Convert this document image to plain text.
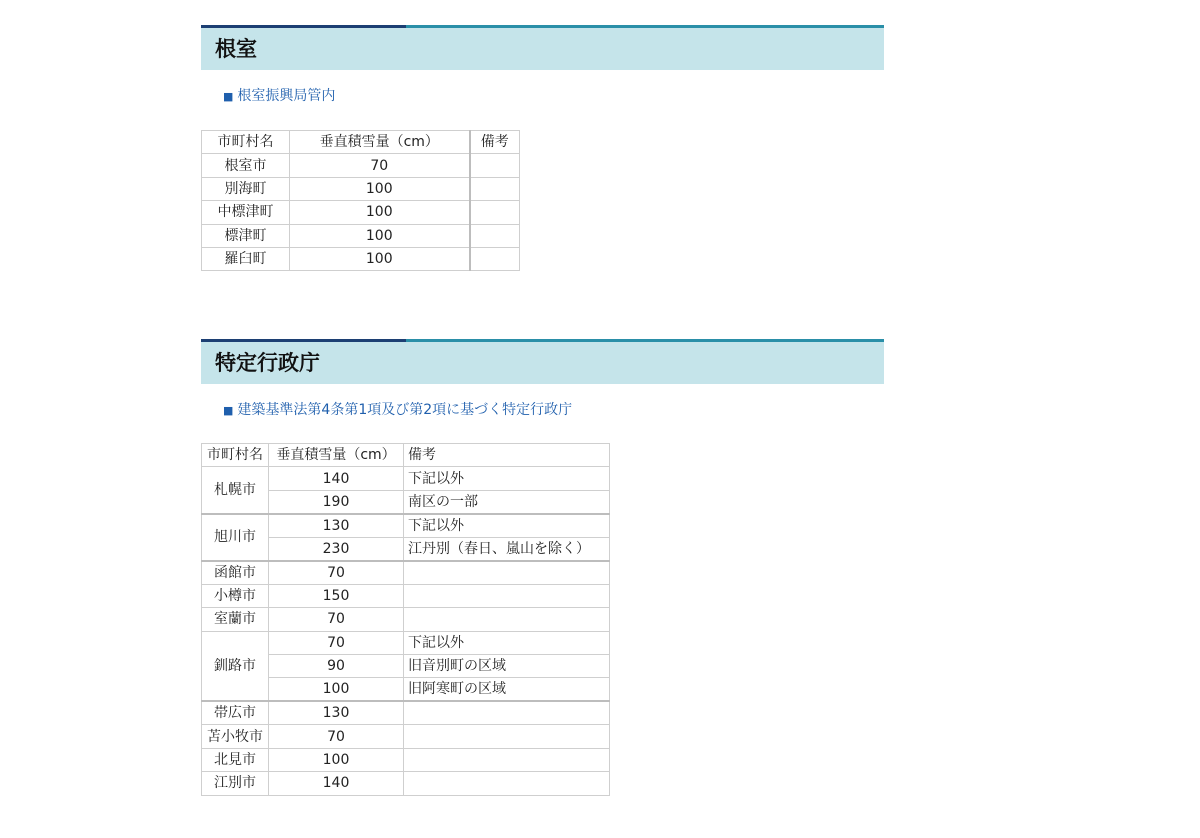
根室
■ 根室振興局管内
市町村名	垂直積雪量（cm）	備考
根室市	70	
別海町	100	
中標津町	100	
標津町	100	
羅臼町	100	
特定行政庁
■ 建築基準法第4条第1項及び第2項に基づく特定行政庁
市町村名	垂直積雪量（cm）	備考
札幌市	140	下記以外
	190	南区の一部
旭川市	130	下記以外
	230	江丹別（春日、嵐山を除く）
函館市	70	
小樽市	150	
室蘭市	70	
釧路市	70	下記以外
	90	旧音別町の区域
	100	旧阿寒町の区域
帯広市	130	
苫小牧市	70	
北見市	100	
江別市	140	
